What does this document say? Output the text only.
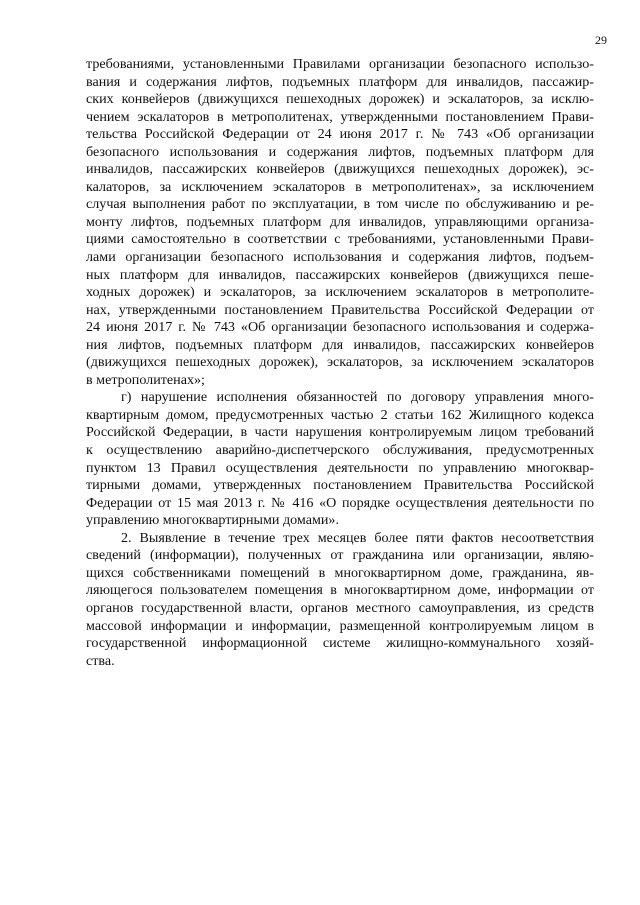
29
требованиями, установленными Правилами организации безопасного использо-
вания и содержания лифтов, подъемных платформ для инвалидов, пассажир-
ских конвейеров (движущихся пешеходных дорожек) и эскалаторов, за исклю-
чением эскалаторов в метрополитенах, утвержденными постановлением Прави-
тельства Российской Федерации от 24 июня 2017 г. № 743 «Об организации
безопасного использования и содержания лифтов, подъемных платформ для
инвалидов, пассажирских конвейеров (движущихся пешеходных дорожек), эс-
калаторов, за исключением эскалаторов в метрополитенах», за исключением
случая выполнения работ по эксплуатации, в том числе по обслуживанию и ре-
монту лифтов, подъемных платформ для инвалидов, управляющими организа-
циями самостоятельно в соответствии с требованиями, установленными Прави-
лами организации безопасного использования и содержания лифтов, подъем-
ных платформ для инвалидов, пассажирских конвейеров (движущихся пеше-
ходных дорожек) и эскалаторов, за исключением эскалаторов в метрополите-
нах, утвержденными постановлением Правительства Российской Федерации от
24 июня 2017 г. № 743 «Об организации безопасного использования и содержа-
ния лифтов, подъемных платформ для инвалидов, пассажирских конвейеров
(движущихся пешеходных дорожек), эскалаторов, за исключением эскалаторов
в метрополитенах»;
г) нарушение исполнения обязанностей по договору управления много-
квартирным домом, предусмотренных частью 2 статьи 162 Жилищного кодекса
Российской Федерации, в части нарушения контролируемым лицом требований
к осуществлению аварийно-диспетчерского обслуживания, предусмотренных
пунктом 13 Правил осуществления деятельности по управлению многоквар-
тирными домами, утвержденных постановлением Правительства Российской
Федерации от 15 мая 2013 г. № 416 «О порядке осуществления деятельности по
управлению многоквартирными домами».
2. Выявление в течение трех месяцев более пяти фактов несоответствия
сведений (информации), полученных от гражданина или организации, являю-
щихся собственниками помещений в многоквартирном доме, гражданина, яв-
ляющегося пользователем помещения в многоквартирном доме, информации от
органов государственной власти, органов местного самоуправления, из средств
массовой информации и информации, размещенной контролируемым лицом в
государственной информационной системе жилищно-коммунального хозяй-
ства.
